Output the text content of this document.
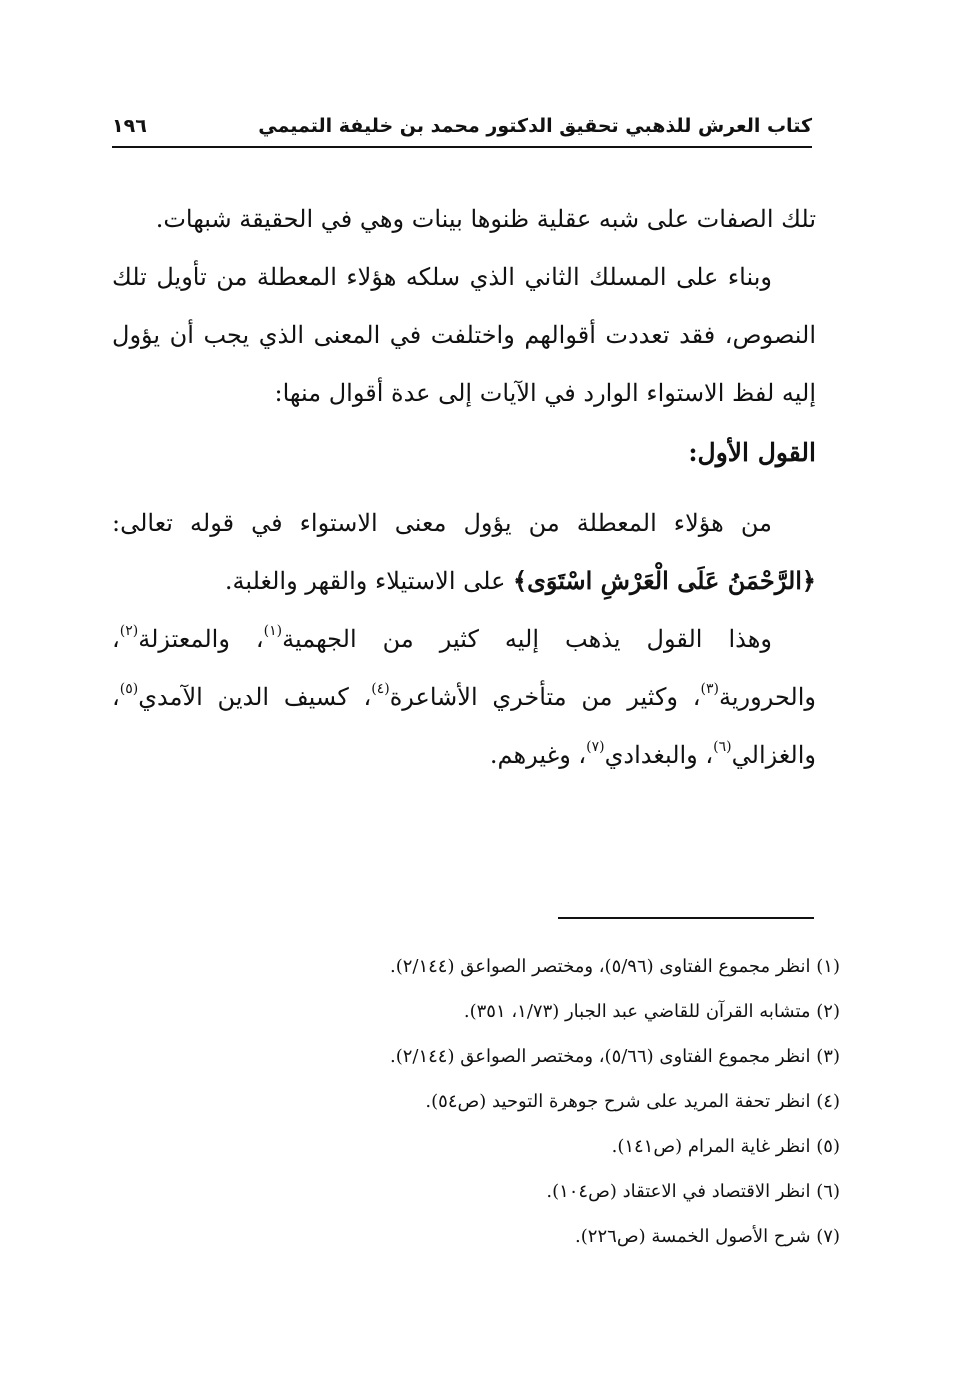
كتاب العرش للذهبي تحقيق الدكتور محمد بن خليفة التميمي
١٩٦

تلك الصفات على شبه عقلية ظنوها بينات وهي في الحقيقة شبهات.

وبناء على المسلك الثاني الذي سلكه هؤلاء المعطلة من تأويل تلك النصوص، فقد تعددت أقوالهم واختلفت في المعنى الذي يجب أن يؤول إليه لفظ الاستواء الوارد في الآيات إلى عدة أقوال منها:

القول الأول:

من هؤلاء المعطلة من يؤول معنى الاستواء في قوله تعالى: ﴿الرَّحْمَنُ عَلَى الْعَرْشِ اسْتَوَى﴾ على الاستيلاء والقهر والغلبة.

وهذا القول يذهب إليه كثير من الجهمية$^{(١)}$، والمعتزلة$^{(٢)}$، والحرورية$^{(٣)}$، وكثير من متأخري الأشاعرة$^{(٤)}$، كسيف الدين الآمدي$^{(٥)}$، والغزالي$^{(٦)}$، والبغدادي$^{(٧)}$، وغيرهم.

(١) انظر مجموع الفتاوى (٥/٩٦)، ومختصر الصواعق (٢/١٤٤).

(٢) متشابه القرآن للقاضي عبد الجبار (١/٧٣، ٣٥١).

(٣) انظر مجموع الفتاوى (٥/٦٦)، ومختصر الصواعق (٢/١٤٤).

(٤) انظر تحفة المريد على شرح جوهرة التوحيد (ص٥٤).

(٥) انظر غاية المرام (ص١٤١).

(٦) انظر الاقتصاد في الاعتقاد (ص١٠٤).

(٧) شرح الأصول الخمسة (ص٢٢٦).
